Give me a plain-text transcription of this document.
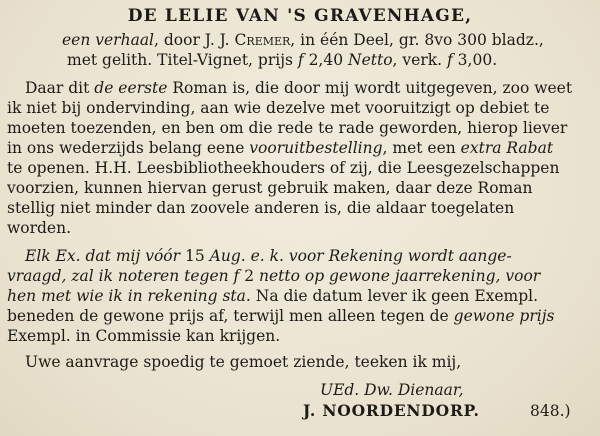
DE LELIE VAN 'S GRAVENHAGE,
een verhaal, door J. J. Cremer, in één Deel, gr. 8vo 300 bladz.,
met gelith. Titel-Vignet, prijs f 2,40 Netto, verk. f 3,00.
Daar dit de eerste Roman is, die door mij wordt uitgegeven, zoo weet
ik niet bij ondervinding, aan wie dezelve met vooruitzigt op debiet te
moeten toezenden, en ben om die rede te rade geworden, hierop liever
in ons wederzijds belang eene vooruitbestelling, met een extra Rabat
te openen. H.H. Leesbibliotheekhouders of zij, die Leesgezelschappen
voorzien, kunnen hiervan gerust gebruik maken, daar deze Roman
stellig niet minder dan zoovele anderen is, die aldaar toegelaten
worden.
Elk Ex. dat mij vóór 15 Aug. e. k. voor Rekening wordt aange-
vraagd, zal ik noteren tegen f 2 netto op gewone jaarrekening, voor
hen met wie ik in rekening sta. Na die datum lever ik geen Exempl.
beneden de gewone prijs af, terwijl men alleen tegen de gewone prijs
Exempl. in Commissie kan krijgen.
Uwe aanvrage spoedig te gemoet ziende, teeken ik mij,
UEd. Dw. Dienaar,
J. NOORDENDORP.	848.)
